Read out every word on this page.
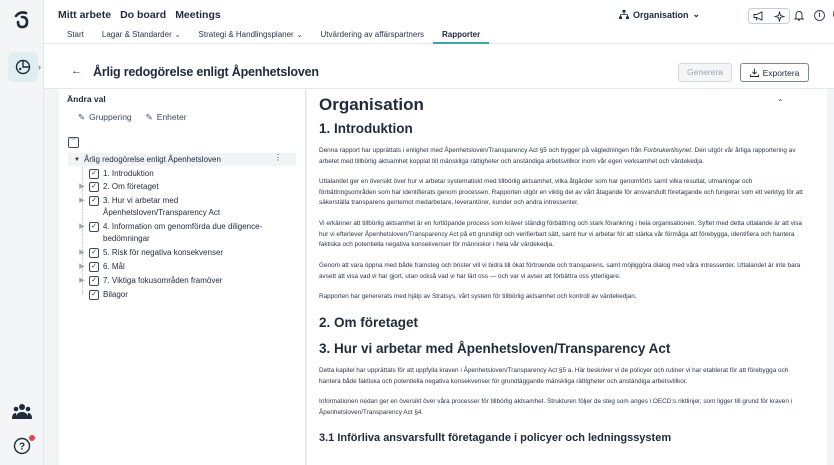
›
?
Mitt arbete Do board Meetings
Start	Lagar & Standarder ⌄	Strategi & Handlingsplaner ⌄	Utvärdering av affärspartners	Rapporter
Organisation ⌄	i
← Årlig redogörelse enligt Åpenhetsloven	Generera	Exportera
Ändra val
✎ Gruppering ✎ Enheter
︾
▼ Årlig redogörelse enligt Åpenhetsloven	⋮
✓ 1. Introduktion
▶ ✓ 2. Om företaget
▶ ✓ 3. Hur vi arbetar med Åpenhetsloven/Transparency Act
▶ ✓ 4. Information om genomförda due diligence-bedömningar
▶ ✓ 5. Risk för negativa konsekvenser
▶ ✓ 6. Mål
▶ ✓ 7. Viktiga fokusområden framöver
✓ Bilagor
Organisation	⌃
1. Introduktion
Denna rapport har upprättats i enlighet med Åpenhetsloven/Transparency Act §5 och bygger på vägledningen från Forbrukertilsynet. Den utgör vår årliga rapportering av arbetet med tillbörlig aktsamhet kopplat till mänskliga rättigheter och anständiga arbetsvillkor inom vår egen verksamhet och värdekedja.
Uttalandet ger en översikt över hur vi arbetar systematiskt med tillbörlig aktsamhet, vilka åtgärder som har genomförts samt vilka resultat, utmaningar och förbättringsområden som har identifierats genom processen. Rapporten utgör en viktig del av vårt åtagande för ansvarsfullt företagande och fungerar som ett verktyg för att säkerställa transparens gentemot medarbetare, leverantörer, kunder och andra intressenter.
Vi erkänner att tillbörlig aktsamhet är en fortlöpande process som kräver ständig förbättring och stark förankring i hela organisationen. Syftet med detta uttalande är att visa hur vi efterlever Åpenhetsloven/Transparency Act på ett grundligt och verifierbart sätt, samt hur vi arbetar för att stärka vår förmåga att förebygga, identifiera och hantera faktiska och potentiella negativa konsekvenser för människor i hela vår värdekedja.
Genom att vara öppna med både framsteg och brister vill vi bidra till ökat förtroende och transparens, samt möjliggöra dialog med våra intressenter. Uttalandet är inte bara avsett att visa vad vi har gjort, utan också vad vi har lärt oss — och var vi avser att förbättra oss ytterligare.
Rapporten har genererats med hjälp av Stratsys, vårt system för tillbörlig aktsamhet och kontroll av värdekedjan.
2. Om företaget
3. Hur vi arbetar med Åpenhetsloven/Transparency Act
Detta kapitel har upprättats för att uppfylla kraven i Åpenhetsloven/Transparency Act §5 a. Här beskriver vi de policyer och rutiner vi har etablerat för att förebygga och hantera både faktiska och potentiella negativa konsekvenser för grundläggande mänskliga rättigheter och anständiga arbetsvillkor.
Informationen nedan ger en översikt över våra processer för tillbörlig aktsamhet. Strukturen följer de steg som anges i OECD:s riktlinjer, som ligger till grund för kraven i Åpenhetsloven/Transparency Act §4.
3.1 Införliva ansvarsfullt företagande i policyer och ledningssystem
